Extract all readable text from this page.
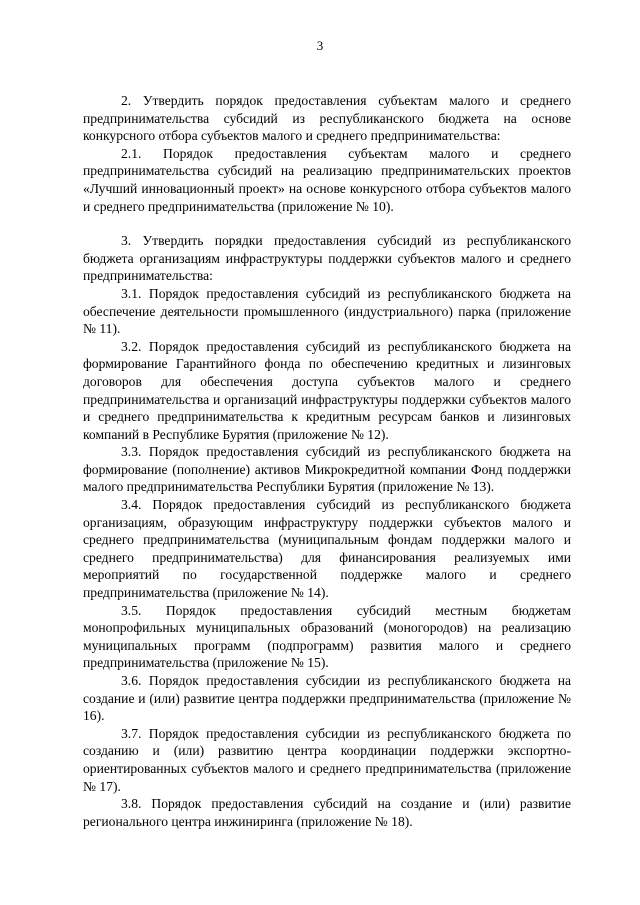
3

2. Утвердить порядок предоставления субъектам малого и среднего предпринимательства субсидий из республиканского бюджета на основе конкурсного отбора субъектов малого и среднего предпринимательства:

2.1. Порядок предоставления субъектам малого и среднего предпринимательства субсидий на реализацию предпринимательских проектов «Лучший инновационный проект» на основе конкурсного отбора субъектов малого и среднего предпринимательства (приложение № 10).

3. Утвердить порядки предоставления субсидий из республиканского бюджета организациям инфраструктуры поддержки субъектов малого и среднего предпринимательства:

3.1. Порядок предоставления субсидий из республиканского бюджета на обеспечение деятельности промышленного (индустриального) парка (приложение № 11).

3.2. Порядок предоставления субсидий из республиканского бюджета на формирование Гарантийного фонда по обеспечению кредитных и лизинговых договоров для обеспечения доступа субъектов малого и среднего предпринимательства и организаций инфраструктуры поддержки субъектов малого и среднего предпринимательства к кредитным ресурсам банков и лизинговых компаний в Республике Бурятия (приложение № 12).

3.3. Порядок предоставления субсидий из республиканского бюджета на формирование (пополнение) активов Микрокредитной компании Фонд поддержки малого предпринимательства Республики Бурятия (приложение № 13).

3.4. Порядок предоставления субсидий из республиканского бюджета организациям, образующим инфраструктуру поддержки субъектов малого и среднего предпринимательства (муниципальным фондам поддержки малого и среднего предпринимательства) для финансирования реализуемых ими мероприятий по государственной поддержке малого и среднего предпринимательства (приложение № 14).

3.5. Порядок предоставления субсидий местным бюджетам монопрофильных муниципальных образований (моногородов) на реализацию муниципальных программ (подпрограмм) развития малого и среднего предпринимательства (приложение № 15).

3.6. Порядок предоставления субсидии из республиканского бюджета на создание и (или) развитие центра поддержки предпринимательства (приложение № 16).

3.7. Порядок предоставления субсидии из республиканского бюджета по созданию и (или) развитию центра координации поддержки экспортно-ориентированных субъектов малого и среднего предпринимательства (приложение № 17).

3.8. Порядок предоставления субсидий на создание и (или) развитие регионального центра инжиниринга (приложение № 18).
